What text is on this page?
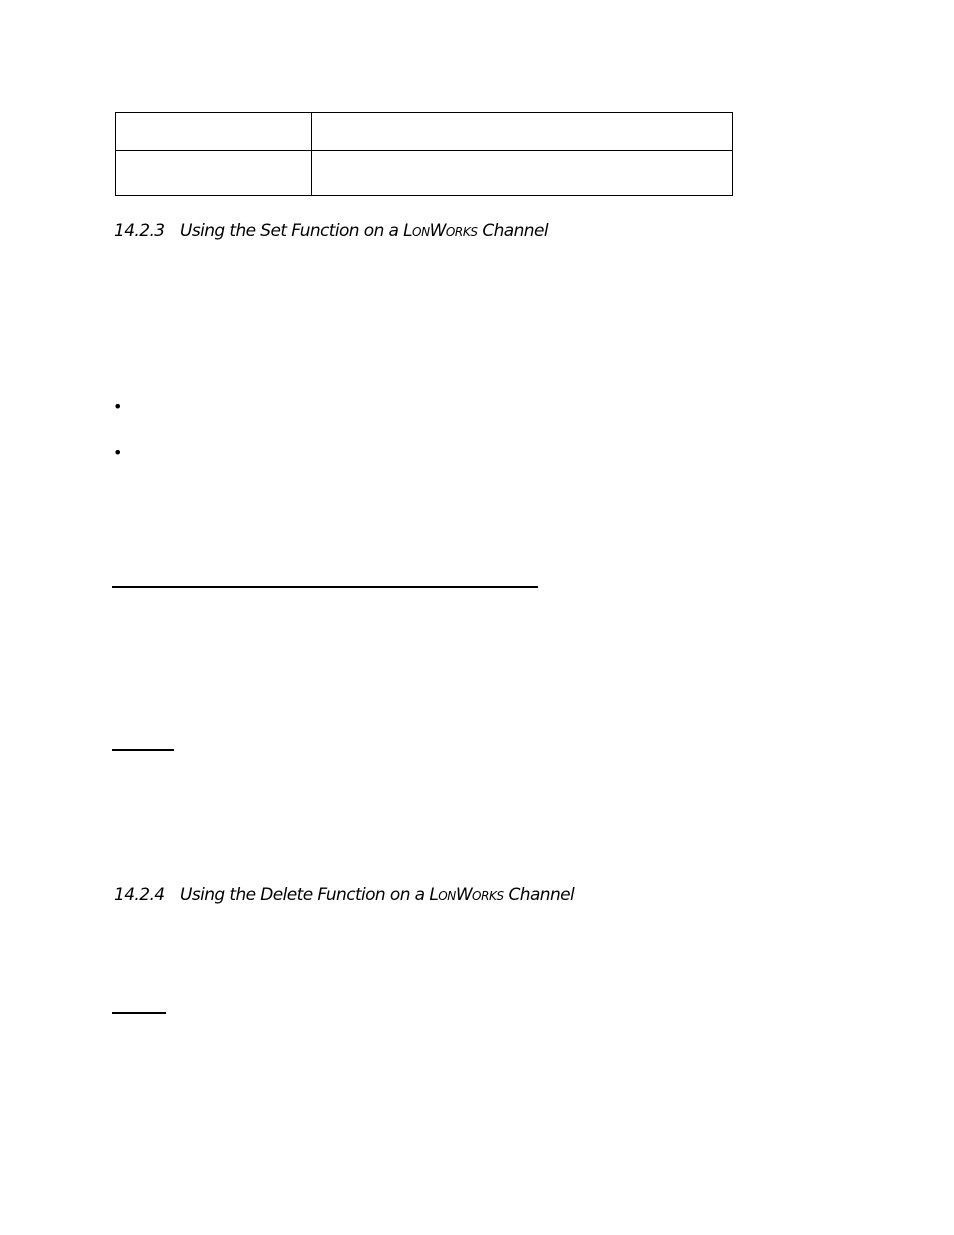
14.2.3 Using the Set Function on a LONWORKS Channel
•
•
14.2.4 Using the Delete Function on a LONWORKS Channel
